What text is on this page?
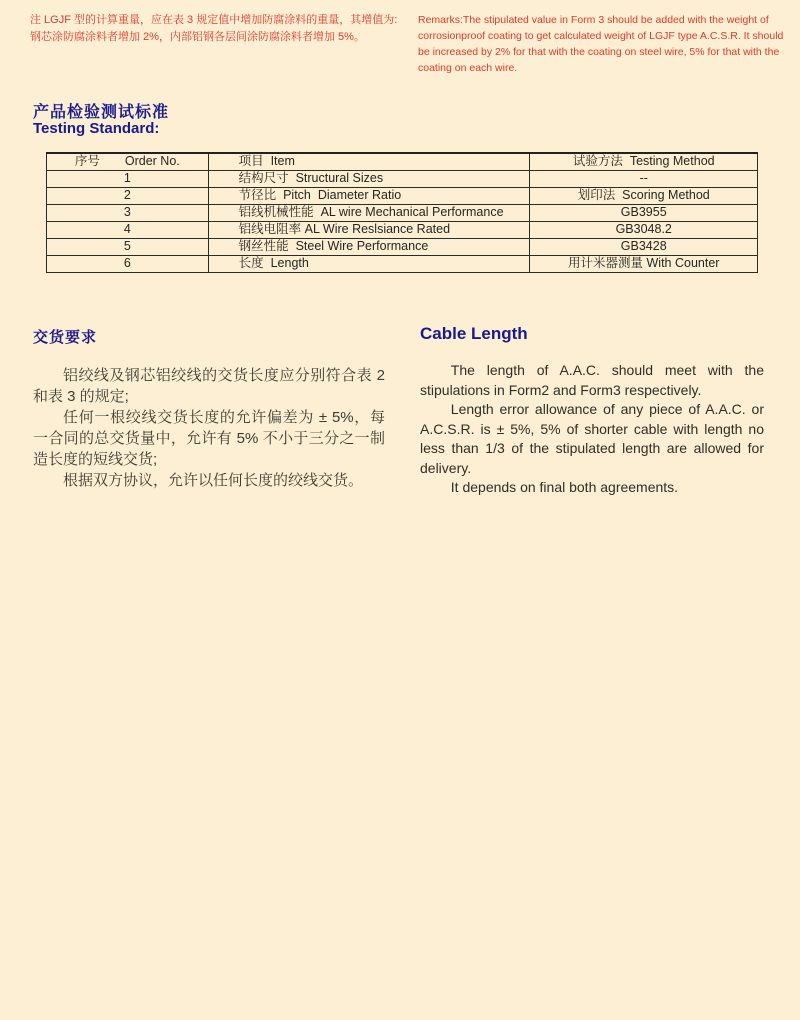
注 LGJF 型的计算重量，应在表 3 规定值中增加防腐涂料的重量，其增值为:
钢芯涂防腐涂料者增加 2%，内部铝钢各层间涂防腐涂料者增加 5%。
Remarks:The stipulated value in Form 3 should be added with the weight of
corrosionproof coating to get calculated weight of LGJF type A.C.S.R. It should
be increased by 2% for that with the coating on steel wire, 5% for that with the
coating on each wire.
产品检验测试标准
Testing Standard:
序号　　Order No.	项目  Item	试验方法  Testing Method
1	结构尺寸  Structural Sizes	--
2	节径比  Pitch  Diameter Ratio	划印法  Scoring Method
3	铝线机械性能  AL wire Mechanical Performance	GB3955
4	铝线电阻率 AL Wire Reslsiance Rated	GB3048.2
5	钢丝性能  Steel Wire Performance	GB3428
6	长度  Length	用计米器测量 With Counter
交货要求

铝绞线及钢芯铝绞线的交货长度应分别符合表 2 和表 3 的规定;

任何一根绞线交货长度的允许偏差为 ± 5%，每一合同的总交货量中，允许有 5% 不小于三分之一制造长度的短线交货;

根据双方协议，允许以任何长度的绞线交货。

Cable Length

The length of A.A.C. should meet with the stipulations in Form2 and Form3 respectively.

Length error allowance of any piece of A.A.C. or A.C.S.R. is ± 5%, 5% of shorter cable with length no less than 1/3 of the stipulated length are allowed for delivery.

It depends on final both agreements.
